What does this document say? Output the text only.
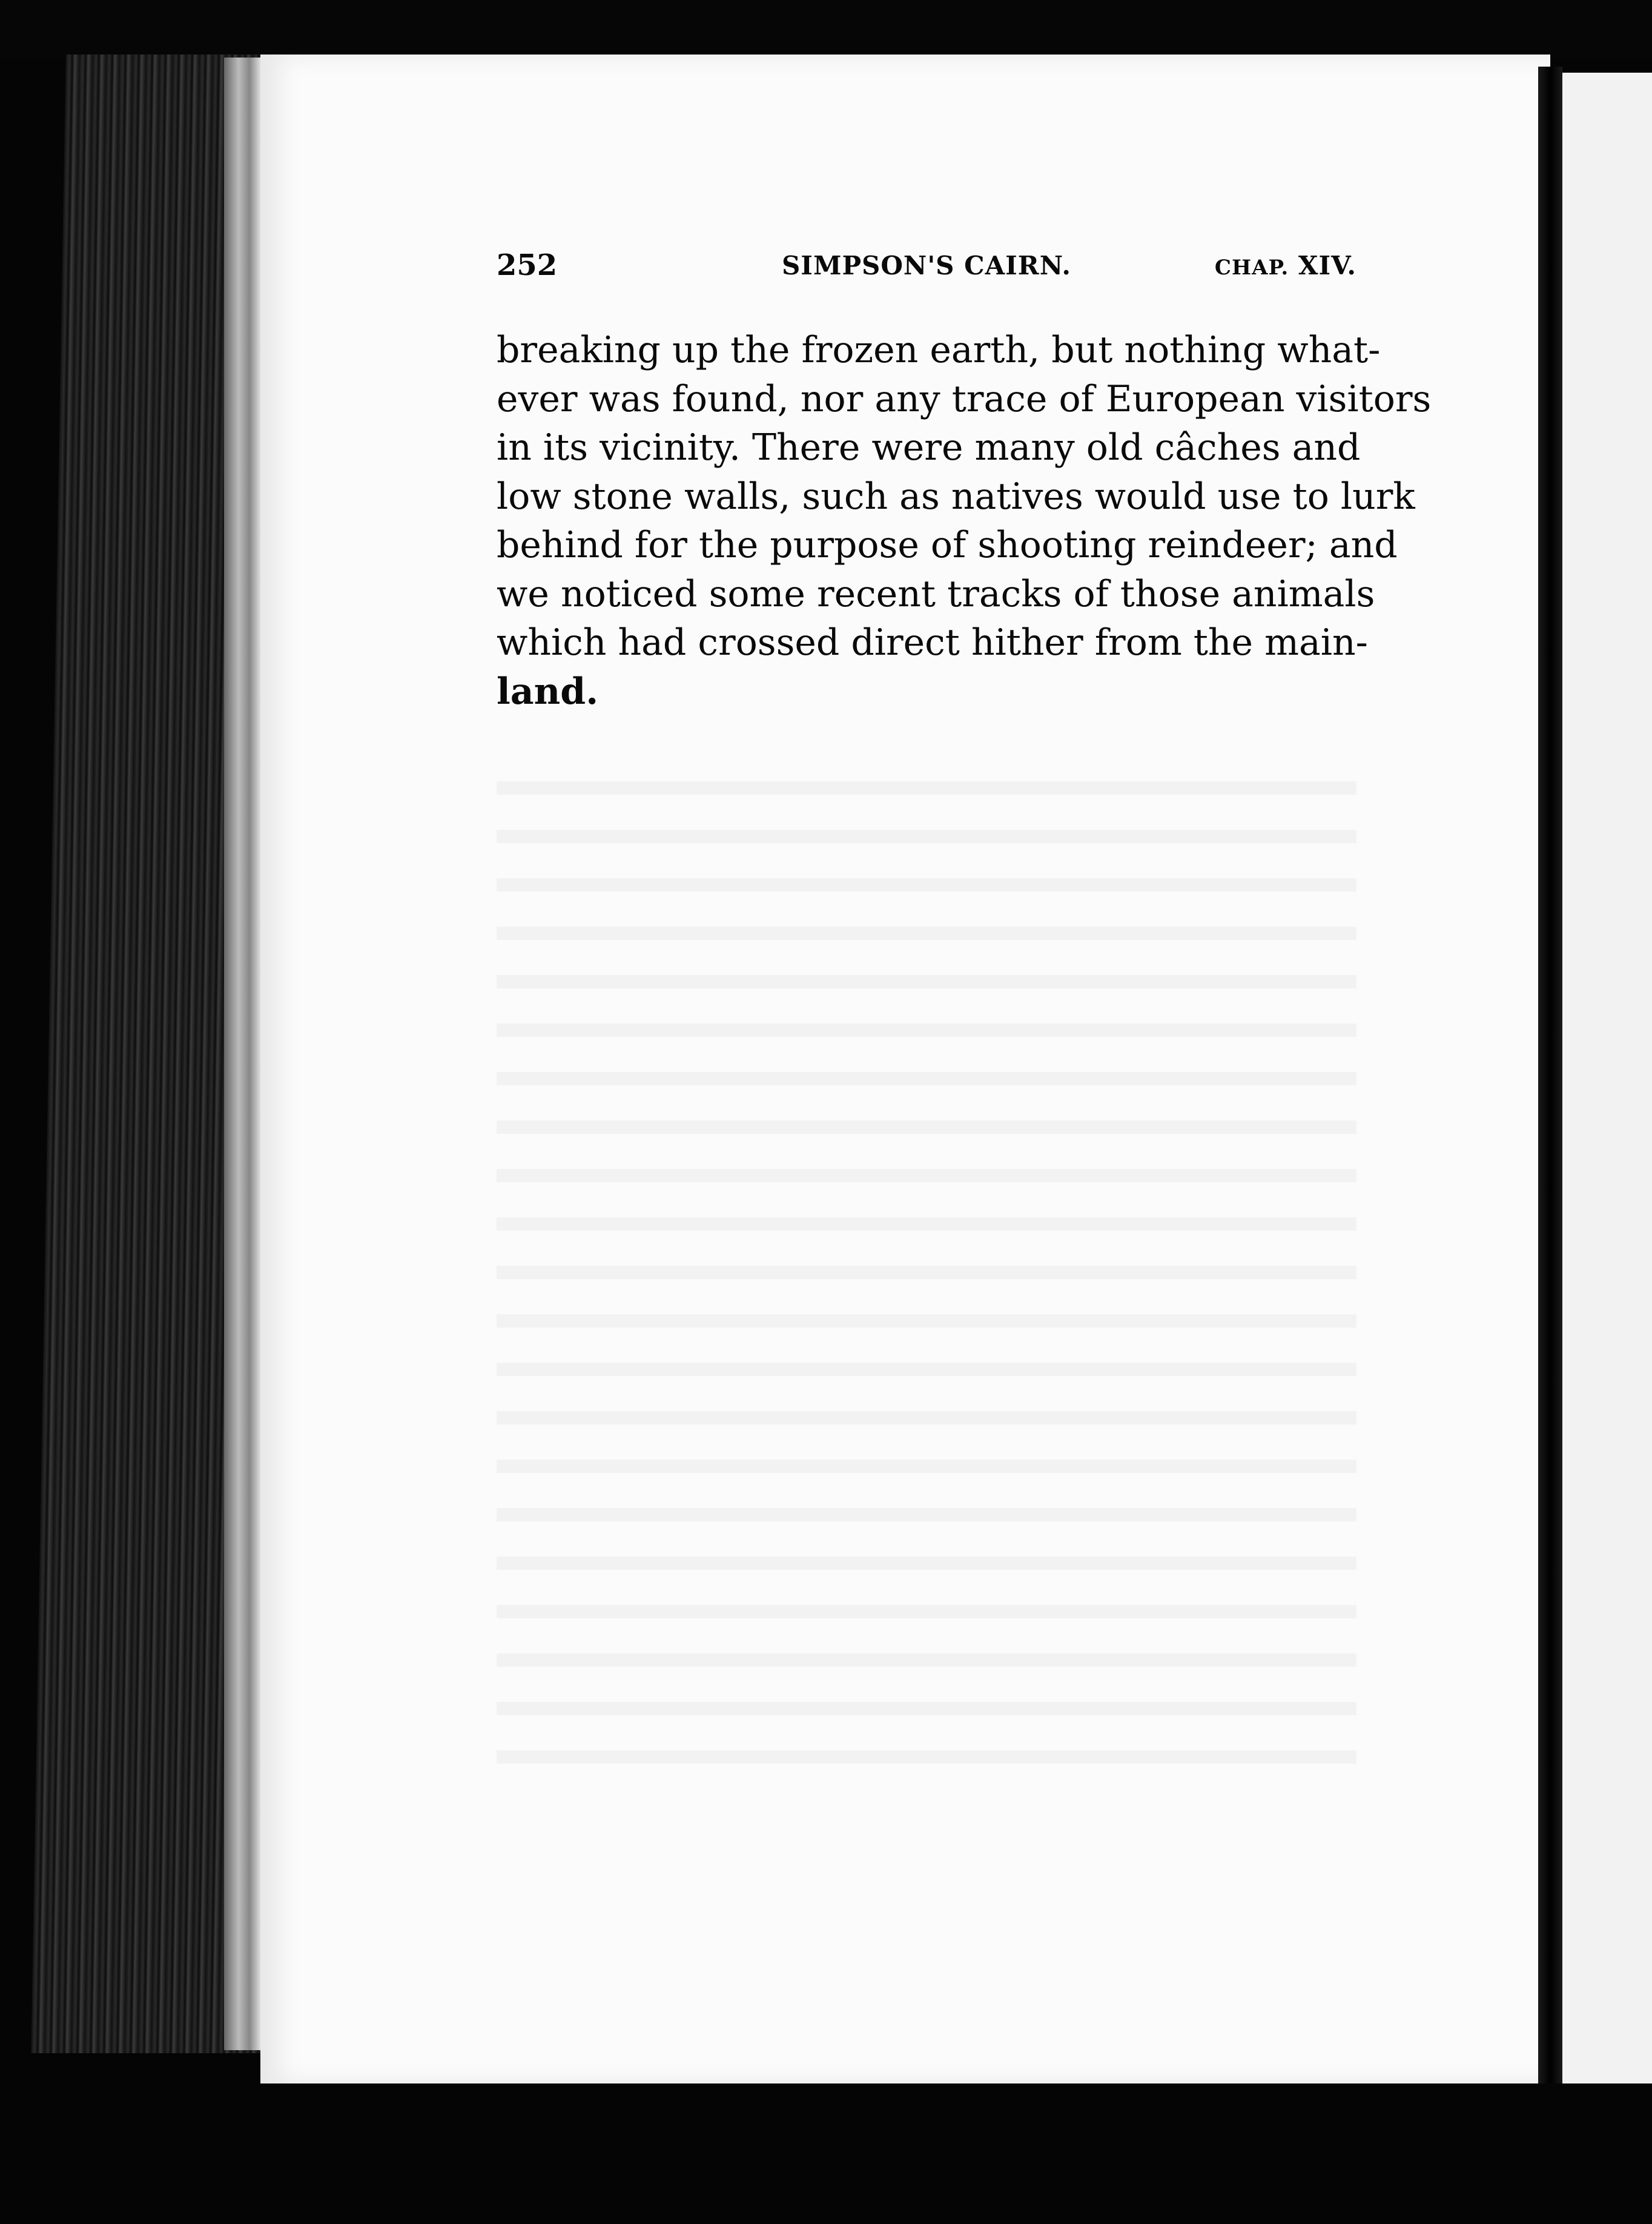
252	SIMPSON'S CAIRN.	CHAP. XIV.
breaking up the frozen earth, but nothing what-
ever was found, nor any trace of European visitors
in its vicinity. There were many old câches and
low stone walls, such as natives would use to lurk
behind for the purpose of shooting reindeer; and
we noticed some recent tracks of those animals
which had crossed direct hither from the main-
land.
